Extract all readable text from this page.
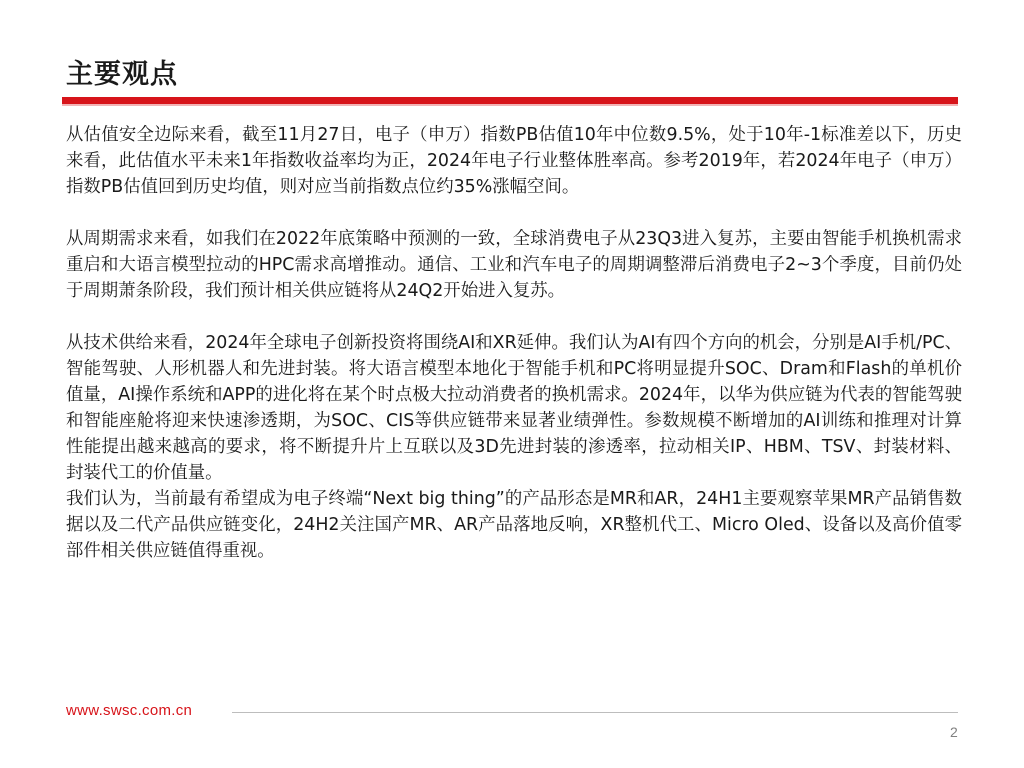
主要观点

从估值安全边际来看，截至11月27日，电子（申万）指数PB估值10年中位数9.5%，处于10年-1标准差以下，历史来看，此估值水平未来1年指数收益率均为正，2024年电子行业整体胜率高。参考2019年，若2024年电子（申万）指数PB估值回到历史均值，则对应当前指数点位约35%涨幅空间。

从周期需求来看，如我们在2022年底策略中预测的一致，全球消费电子从23Q3进入复苏，主要由智能手机换机需求重启和大语言模型拉动的HPC需求高增推动。通信、工业和汽车电子的周期调整滞后消费电子2~3个季度，目前仍处于周期萧条阶段，我们预计相关供应链将从24Q2开始进入复苏。

从技术供给来看，2024年全球电子创新投资将围绕AI和XR延伸。我们认为AI有四个方向的机会，分别是AI手机/PC、智能驾驶、人形机器人和先进封装。将大语言模型本地化于智能手机和PC将明显提升SOC、Dram和Flash的单机价值量，AI操作系统和APP的进化将在某个时点极大拉动消费者的换机需求。2024年，以华为供应链为代表的智能驾驶和智能座舱将迎来快速渗透期，为SOC、CIS等供应链带来显著业绩弹性。参数规模不断增加的AI训练和推理对计算性能提出越来越高的要求，将不断提升片上互联以及3D先进封装的渗透率，拉动相关IP、HBM、TSV、封装材料、封装代工的价值量。

我们认为，当前最有希望成为电子终端“Next big thing”的产品形态是MR和AR，24H1主要观察苹果MR产品销售数据以及二代产品供应链变化，24H2关注国产MR、AR产品落地反响，XR整机代工、Micro Oled、设备以及高价值零部件相关供应链值得重视。

www.swsc.com.cn
2
